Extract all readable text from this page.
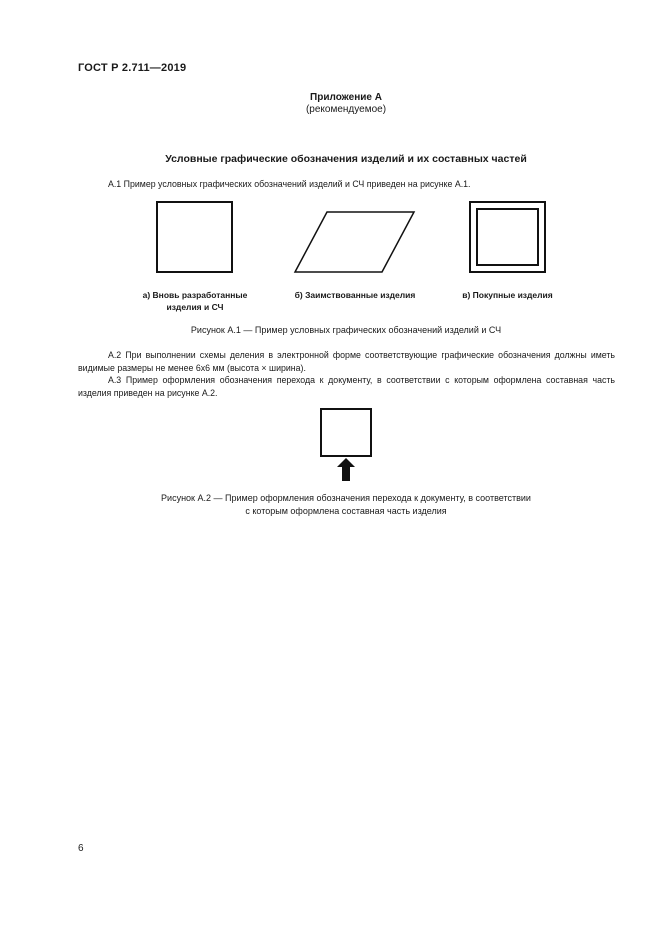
ГОСТ Р 2.711—2019
Приложение А
(рекомендуемое)
Условные графические обозначения изделий и их составных частей
А.1 Пример условных графических обозначений изделий и СЧ приведен на рисунке А.1.
а) Вновь разработанные
изделия и СЧ
б) Заимствованные изделия	в) Покупные изделия
Рисунок А.1 — Пример условных графических обозначений изделий и СЧ
А.2 При выполнении схемы деления в электронной форме соответствующие графические обозначения должны иметь видимые размеры не менее 6х6 мм (высота × ширина).
А.3 Пример оформления обозначения перехода к документу, в соответствии с которым оформлена составная часть изделия приведен на рисунке А.2.
Рисунок А.2 — Пример оформления обозначения перехода к документу, в соответствии
с которым оформлена составная часть изделия
6
